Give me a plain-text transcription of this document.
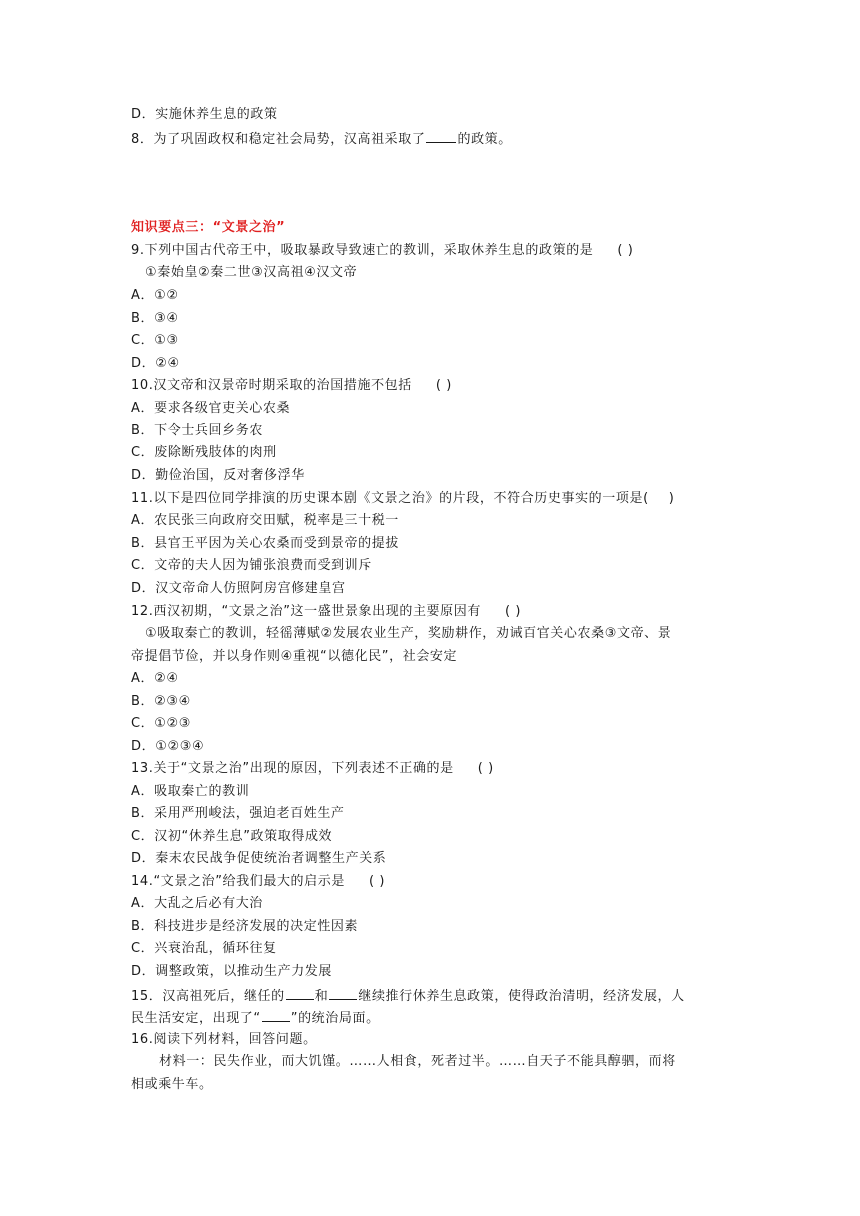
D．实施休养生息的政策
8．为了巩固政权和稳定社会局势，汉高祖采取了 的政策。
知识要点三：“文景之治”
9.下列中国古代帝王中，吸取暴政导致速亡的教训，采取休养生息的政策的是 ( )
①秦始皇②秦二世③汉高祖④汉文帝
A．①②
B．③④
C．①③
D．②④
10.汉文帝和汉景帝时期采取的治国措施不包括 ( )
A．要求各级官吏关心农桑
B．下令士兵回乡务农
C．废除断残肢体的肉刑
D．勤俭治国，反对奢侈浮华
11.以下是四位同学排演的历史课本剧《文景之治》的片段，不符合历史事实的一项是( )
A．农民张三向政府交田赋，税率是三十税一
B．县官王平因为关心农桑而受到景帝的提拔
C．文帝的夫人因为铺张浪费而受到训斥
D．汉文帝命人仿照阿房宫修建皇宫
12.西汉初期，“文景之治”这一盛世景象出现的主要原因有 ( )
①吸取秦亡的教训，轻徭薄赋②发展农业生产，奖励耕作，劝诫百官关心农桑③文帝、景
帝提倡节俭，并以身作则④重视“以德化民”，社会安定
A．②④
B．②③④
C．①②③
D．①②③④
13.关于“文景之治”出现的原因，下列表述不正确的是 ( )
A．吸取秦亡的教训
B．采用严刑峻法，强迫老百姓生产
C．汉初“休养生息”政策取得成效
D．秦末农民战争促使统治者调整生产关系
14.“文景之治”给我们最大的启示是 ( )
A．大乱之后必有大治
B．科技进步是经济发展的决定性因素
C．兴衰治乱，循环往复
D．调整政策，以推动生产力发展
15．汉高祖死后，继任的 和 继续推行休养生息政策，使得政治清明，经济发展，人
民生活安定，出现了“ ”的统治局面。
16.阅读下列材料，回答问题。
材料一：民失作业，而大饥馑。……人相食，死者过半。……自天子不能具醇驷，而将
相或乘牛车。
